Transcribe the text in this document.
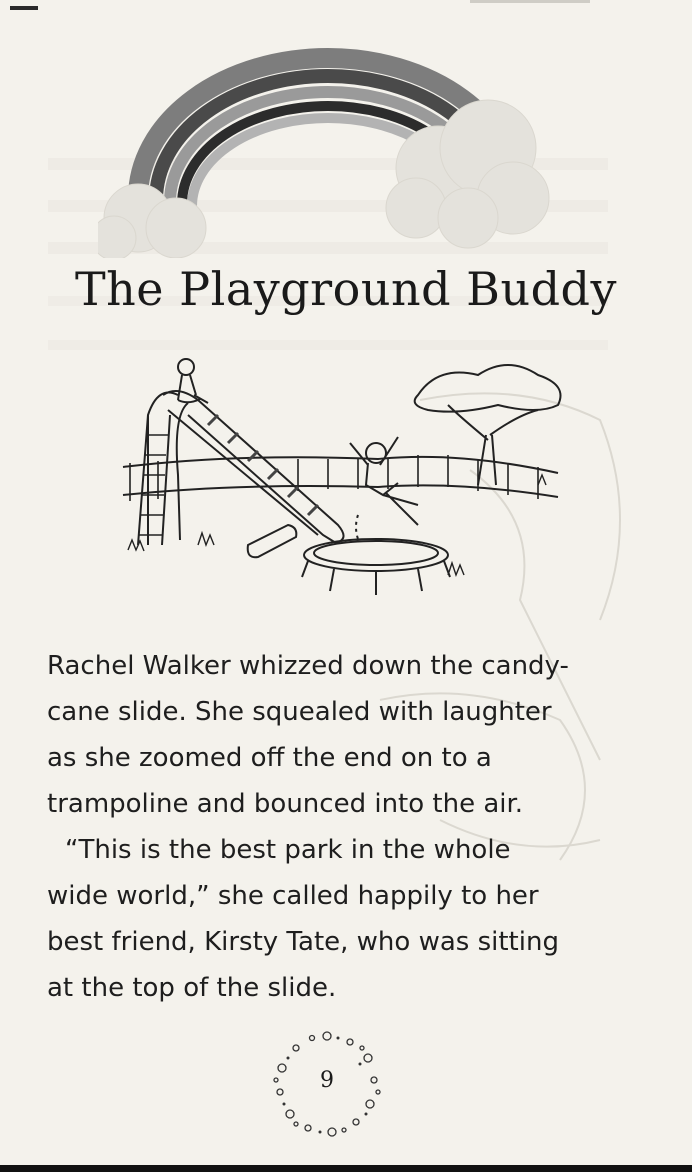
The Playground Buddy

Rachel Walker whizzed down the candy-
cane slide. She squealed with laughter
as she zoomed off the end on to a
trampoline and bounced into the air.

“This is the best park in the whole
wide world,” she called happily to her
best friend, Kirsty Tate, who was sitting
at the top of the slide.

9
